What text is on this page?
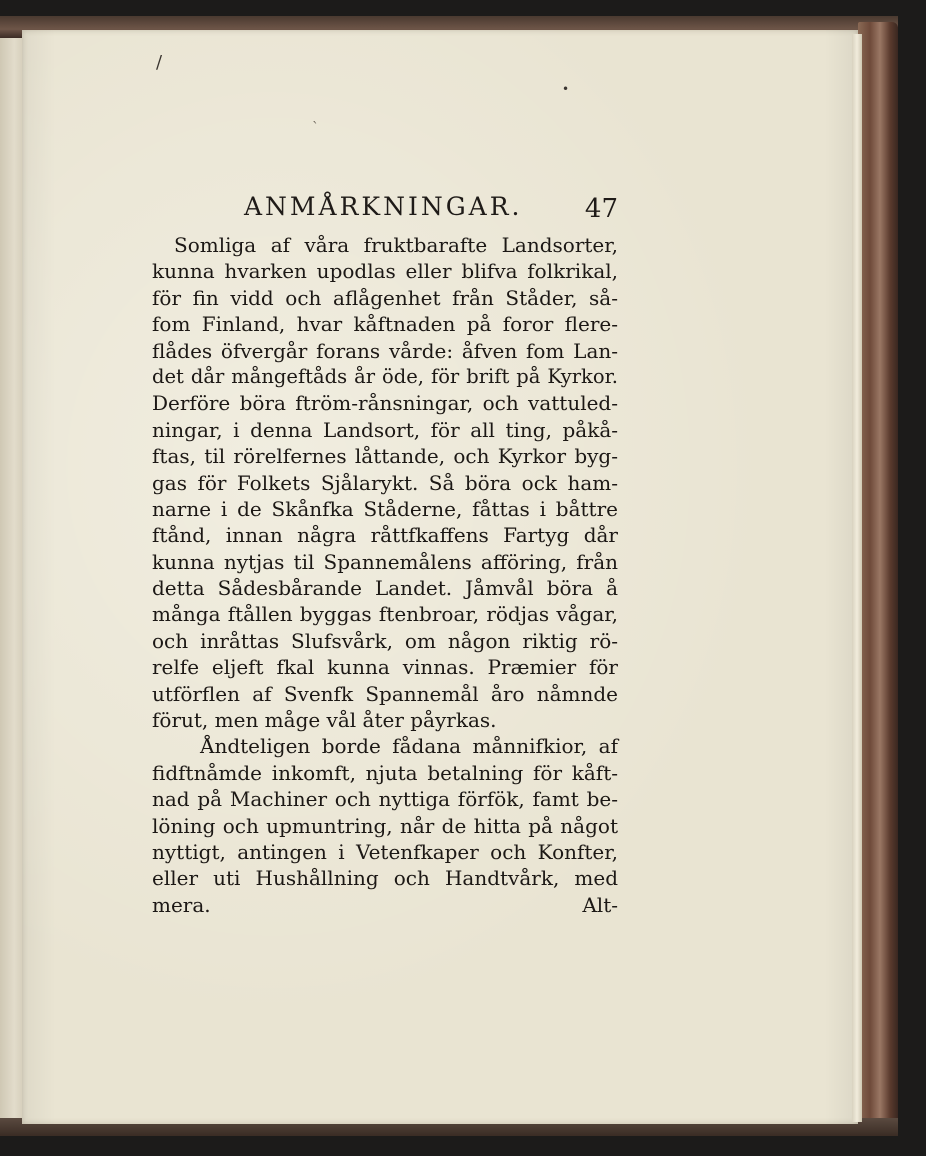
/
•
`
ANMÅRKNINGAR. 47
Somliga af våra fruktbarafte Landsorter,
kunna hvarken upodlas eller blifva folkrikal,
för fin vidd och aflågenhet från Ståder, så-
fom Finland, hvar kåftnaden på foror flere-
flådes öfvergår forans vårde: åfven fom Lan-
det dår mångeftåds år öde, för brift på Kyrkor.
Derföre böra ftröm-rånsningar, och vattuled-
ningar, i denna Landsort, för all ting, påkå-
ftas, til rörelfernes låttande, och Kyrkor byg-
gas för Folkets Sjålarykt. Så böra ock ham-
narne i de Skånfka Ståderne, fåttas i båttre
ftånd, innan några råttfkaffens Fartyg dår
kunna nytjas til Spannemålens afföring, från
detta Sådesbårande Landet. Jåmvål böra å
många ftållen byggas ftenbroar, rödjas vågar,
och inråttas Slufsvårk, om någon riktig rö-
relfe eljeft fkal kunna vinnas. Præmier för
utförflen af Svenfk Spannemål åro nåmnde
förut, men måge vål åter påyrkas.
Åndteligen borde fådana månnifkior, af
fidftnåmde inkomft, njuta betalning för kåft-
nad på Machiner och nyttiga förfök, famt be-
löning och upmuntring, når de hitta på något
nyttigt, antingen i Vetenfkaper och Konfter,
eller uti Hushållning och Handtvårk, med
mera.	Alt-
